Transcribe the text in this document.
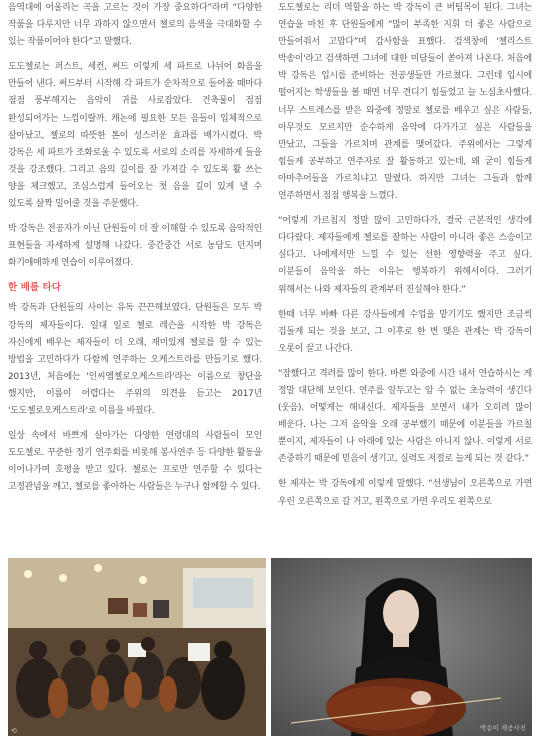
음역대에 어울리는 곡을 고르는 것이 가장 중요하다”라며 “다양한 작품을 다루지만 너무 과하지 않으면서 첼로의 음색을 극대화할 수 있는 작품이어야 한다”고 말했다.

도도첼로는 퍼스트, 세컨, 써드 이렇게 세 파트로 나뉘어 화음을 만들어 낸다. 써드부터 시작해 각 파트가 순차적으로 들어올 때마다 점점 풍부해지는 음악이 귀를 사로잡았다. 건축물이 점점 완성되어가는 느낌이랄까. 캐논에 필요한 모든 음들이 입체적으로 살아났고, 첼로의 따뜻한 톤이 성스러운 효과를 배가시켰다. 박 강독은 세 파트가 조화로울 수 있도록 서로의 소리를 자세하게 들을 것을 강조했다. 그리고 음의 길이를 잘 가져갈 수 있도록 활 쓰는 양을 체크했고, 조심스럽게 들어오는 첫 음을 길이 있게 낼 수 있도록 살짝 밀어줄 것을 주문했다.

박 강독은 전공자가 아닌 단원들이 더 잘 이해할 수 있도록 음악적인 표현들을 자세하게 설명해 나갔다. 중간중간 서로 농담도 던지며 화기애애하게 연습이 이루어졌다.

한 배를 타다

박 강독과 단원들의 사이는 유독 끈끈해보였다. 단원들은 모두 박 강독의 제자들이다. 일대 일로 첼로 레슨을 시작한 박 강독은 자신에게 배우는 제자들이 더 오래, 재미있게 첼로를 할 수 있는 방법을 고민하다가 다함께 연주하는 오케스트라를 만들기로 했다. 2013년, 처음에는 '인씨엠첼로오케스트라'라는 이름으로 창단을 했지만, 이름이 어렵다는 주위의 의견을 듣고는 2017년 '도도첼로오케스트라'로 이름을 바꿨다.

일상 속에서 바쁘게 살아가는 다양한 연령대의 사람들이 모인 도도첼로. 꾸준한 정기 연주회를 비롯해 봉사연주 등 다양한 활동을 이어나가며 호평을 받고 있다. 첼로는 프로만 연주할 수 있다는 고정관념을 깨고, 첼로를 좋아하는 사람들은 누구나 함께할 수 있다.

도도첼로는 리더 역할을 하는 박 강독이 큰 버팀목이 된다. 그녀는 연습을 마친 후 단원들에게 “많이 부족한 지휘 더 좋은 사람으로 만들어줘서 고맙다”며 감사함을 표했다. 검색창에 '첼리스트 박송이'라고 검색하면 그녀에 대한 미담들이 쏟아져 나온다. 처음에 박 강독은 입시를 준비하는 전공생들만 가르쳤다. 그런데 입시에 떨어지는 학생들을 볼 때면 너무 견디기 힘들었고 늘 노심초사했다. 너무 스트레스를 받은 와중에 정말로 첼로를 배우고 싶은 사람들, 아무것도 모르지만 순수하게 음악에 다가가고 싶은 사람들을 만났고, 그들을 가르치며 관계를 맺어갔다. 주위에서는 그렇게 힘들게 공부하고 연주자로 잘 활동하고 있는데, 왜 굳이 힘들게 아마추어들을 가르치냐고 말렸다. 하지만 그녀는 그들과 함께 연주하면서 점점 행복을 느꼈다.

“어렇게 가르침지 정말 많이 고민하다가, 결국 근본적인 생각에 다다랐다. 제자들에게 첼로를 잘하는 사람이 아니라 좋은 스승이고 싶다고. 나에게서만 느낄 수 있는 선한 영향력을 주고 싶다. 이분들이 음악을 하는 이유는 행복하기 위해서이다. 그러기 위해서는 나와 제자들의 관계부터 진실해야 한다.”

한때 너무 바빠 다른 강사들에게 수업을 맡기기도 했지만 조금씩 겁돌게 되는 것을 보고, 그 이후로 한 번 맺은 관계는 박 강독이 오롯이 끌고 나간다.

“잠했다고 격려를 많이 한다. 바쁜 와중에 시간 내서 연습하시는 게 정말 대단해 보인다. 연주를 앞두고는 암 수 없는 초능력이 생긴다(웃음). 어떻게는 해내신다. 제자들을 보면서 내가 오히려 많이 배운다. 나는 그저 음악을 오래 공부했기 때문에 이분들을 가르칠 뿐이지, 제자들이 나 아래에 있는 사람은 아니지 않나. 이렇게 서로 존중하기 때문에 믿음이 생기고, 실력도 저절로 늘게 되는 것 같다.”

한 제자는 박 강독에게 이렇게 말했다. “선생님이 오른쪽으로 가면 우린 오른쪽으로 갈 거고, 왼쪽으로 가면 우리도 왼쪽으로

⟲	박송이 제공사진
